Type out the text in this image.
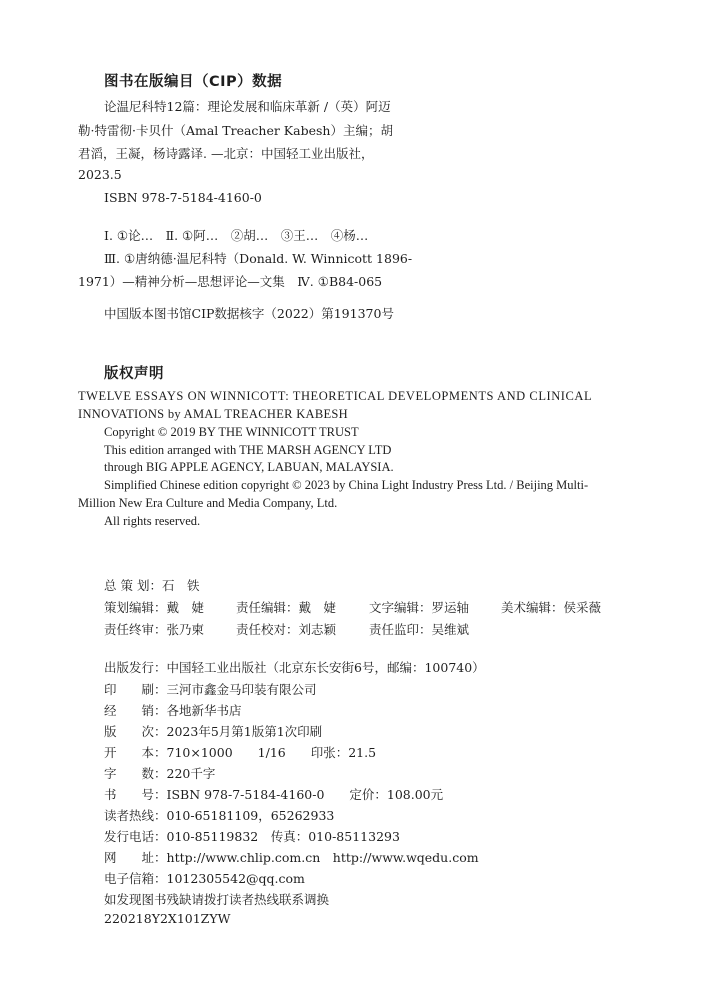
图书在版编目（CIP）数据
论温尼科特12篇：理论发展和临床革新 /（英）阿迈
勒·特雷彻·卡贝什（Amal Treacher Kabesh）主编；胡
君滔，王凝，杨诗露译. —北京：中国轻工业出版社，
2023.5
ISBN 978-7-5184-4160-0
Ⅰ. ①论…　Ⅱ. ①阿…　②胡…　③王…　④杨…
Ⅲ. ①唐纳德·温尼科特（Donald. W. Winnicott 1896-
1971）—精神分析—思想评论—文集　Ⅳ. ①B84-065
中国版本图书馆CIP数据核字（2022）第191370号
版权声明
TWELVE ESSAYS ON WINNICOTT: THEORETICAL DEVELOPMENTS AND CLINICAL
INNOVATIONS by AMAL TREACHER KABESH
Copyright © 2019 BY THE WINNICOTT TRUST
This edition arranged with THE MARSH AGENCY LTD
through BIG APPLE AGENCY, LABUAN, MALAYSIA.
Simplified Chinese edition copyright © 2023 by China Light Industry Press Ltd. / Beijing Multi-
Million New Era Culture and Media Company, Ltd.
All rights reserved.
总 策 划：石　铁
策划编辑：戴　婕	责任编辑：戴　婕	文字编辑：罗运轴	美术编辑：侯采薇
责任终审：张乃柬	责任校对：刘志颖	责任监印：吴维斌
出版发行：中国轻工业出版社（北京东长安街6号，邮编：100740）
印　　刷：三河市鑫金马印装有限公司
经　　销：各地新华书店
版　　次：2023年5月第1版第1次印刷
开　　本：710×1000　　1/16　　印张：21.5
字　　数：220千字
书　　号：ISBN 978-7-5184-4160-0　　定价：108.00元
读者热线：010-65181109，65262933
发行电话：010-85119832　传真：010-85113293
网　　址：http://www.chlip.com.cn　http://www.wqedu.com
电子信箱：1012305542@qq.com
如发现图书残缺请拨打读者热线联系调换
220218Y2X101ZYW
